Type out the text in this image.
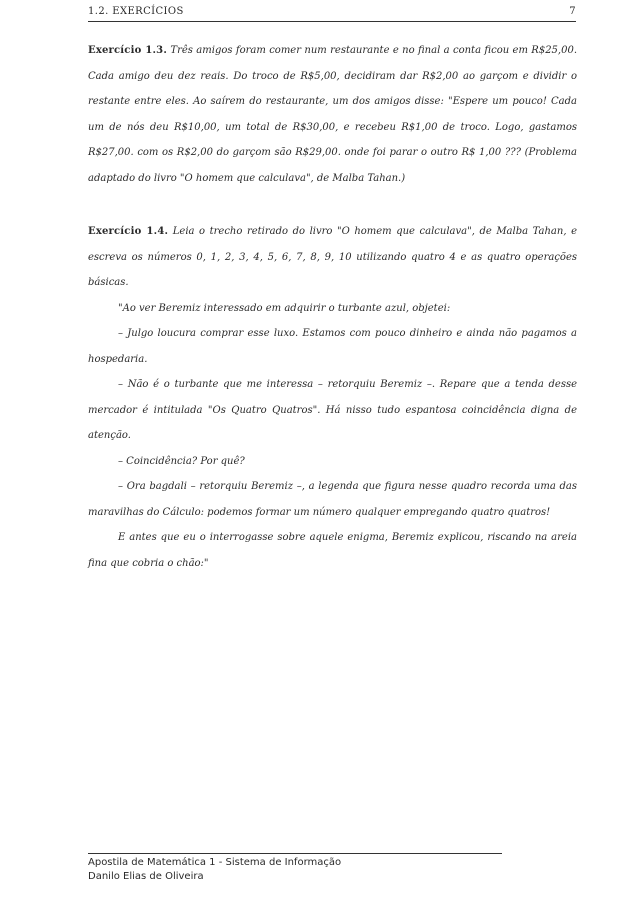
1.2. EXERCÍCIOS	7

Exercício 1.3. Três amigos foram comer num restaurante e no final a conta ficou em R$25,00. Cada amigo deu dez reais. Do troco de R$5,00, decidiram dar R$2,00 ao garçom e dividir o restante entre eles. Ao saírem do restaurante, um dos amigos disse: "Espere um pouco! Cada um de nós deu R$10,00, um total de R$30,00, e recebeu R$1,00 de troco. Logo, gastamos R$27,00. com os R$2,00 do garçom são R$29,00. onde foi parar o outro R$ 1,00 ??? (Problema adaptado do livro "O homem que calculava", de Malba Tahan.)

Exercício 1.4. Leia o trecho retirado do livro "O homem que calculava", de Malba Tahan, e escreva os números 0, 1, 2, 3, 4, 5, 6, 7, 8, 9, 10 utilizando quatro 4 e as quatro operações básicas.

"Ao ver Beremiz interessado em adquirir o turbante azul, objetei:

– Julgo loucura comprar esse luxo. Estamos com pouco dinheiro e ainda não pagamos a hospedaria.

– Não é o turbante que me interessa – retorquiu Beremiz –. Repare que a tenda desse mercador é intitulada "Os Quatro Quatros". Há nisso tudo espantosa coincidência digna de atenção.

– Coincidência? Por quê?

– Ora bagdali – retorquiu Beremiz –, a legenda que figura nesse quadro recorda uma das maravilhas do Cálculo: podemos formar um número qualquer empregando quatro quatros!

E antes que eu o interrogasse sobre aquele enigma, Beremiz explicou, riscando na areia fina que cobria o chão:"

Apostila de Matemática 1 - Sistema de Informação
Danilo Elias de Oliveira
